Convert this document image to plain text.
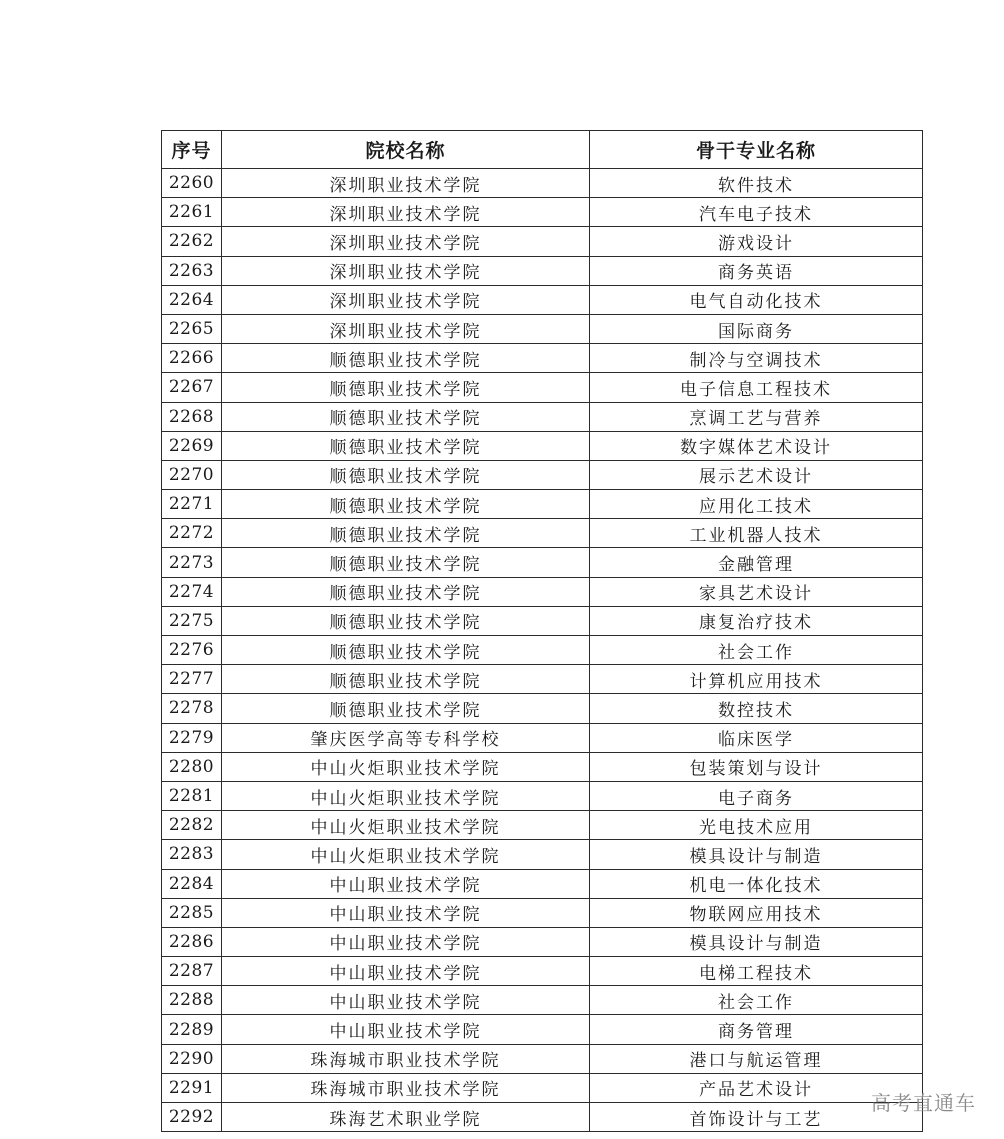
序号	院校名称	骨干专业名称
2260	深圳职业技术学院	软件技术
2261	深圳职业技术学院	汽车电子技术
2262	深圳职业技术学院	游戏设计
2263	深圳职业技术学院	商务英语
2264	深圳职业技术学院	电气自动化技术
2265	深圳职业技术学院	国际商务
2266	顺德职业技术学院	制冷与空调技术
2267	顺德职业技术学院	电子信息工程技术
2268	顺德职业技术学院	烹调工艺与营养
2269	顺德职业技术学院	数字媒体艺术设计
2270	顺德职业技术学院	展示艺术设计
2271	顺德职业技术学院	应用化工技术
2272	顺德职业技术学院	工业机器人技术
2273	顺德职业技术学院	金融管理
2274	顺德职业技术学院	家具艺术设计
2275	顺德职业技术学院	康复治疗技术
2276	顺德职业技术学院	社会工作
2277	顺德职业技术学院	计算机应用技术
2278	顺德职业技术学院	数控技术
2279	肇庆医学高等专科学校	临床医学
2280	中山火炬职业技术学院	包装策划与设计
2281	中山火炬职业技术学院	电子商务
2282	中山火炬职业技术学院	光电技术应用
2283	中山火炬职业技术学院	模具设计与制造
2284	中山职业技术学院	机电一体化技术
2285	中山职业技术学院	物联网应用技术
2286	中山职业技术学院	模具设计与制造
2287	中山职业技术学院	电梯工程技术
2288	中山职业技术学院	社会工作
2289	中山职业技术学院	商务管理
2290	珠海城市职业技术学院	港口与航运管理
2291	珠海城市职业技术学院	产品艺术设计
2292	珠海艺术职业学院	首饰设计与工艺
高考直通车
